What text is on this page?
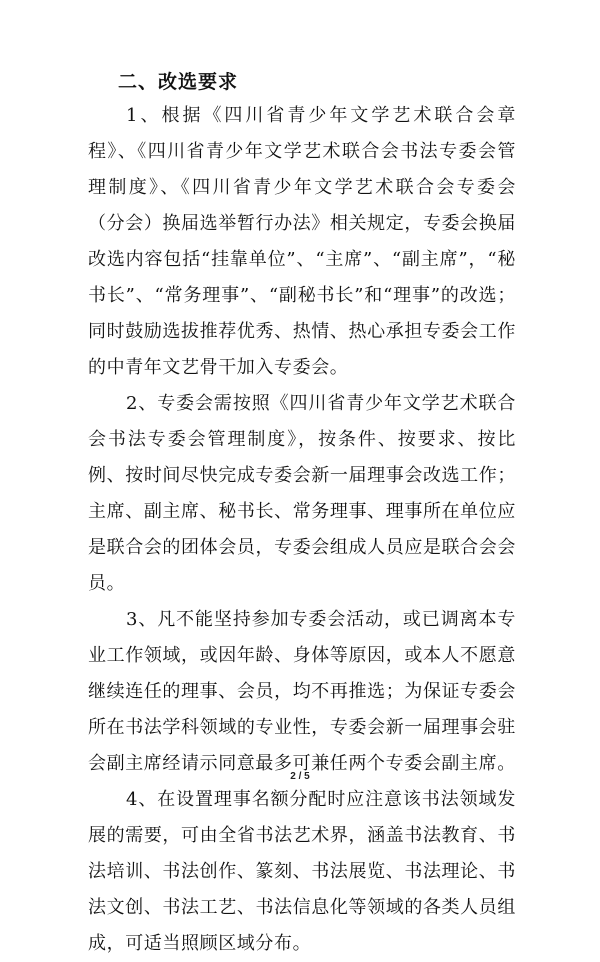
二、改选要求

1、根据《四川省青少年文学艺术联合会章程》、《四川省青少年文学艺术联合会书法专委会管理制度》、《四川省青少年文学艺术联合会专委会（分会）换届选举暂行办法》相关规定，专委会换届改选内容包括“挂靠单位”、“主席”、“副主席”，“秘书长”、“常务理事”、“副秘书长”和“理事”的改选；同时鼓励选拔推荐优秀、热情、热心承担专委会工作的中青年文艺骨干加入专委会。

2、专委会需按照《四川省青少年文学艺术联合会书法专委会管理制度》，按条件、按要求、按比例、按时间尽快完成专委会新一届理事会改选工作；主席、副主席、秘书长、常务理事、理事所在单位应是联合会的团体会员，专委会组成人员应是联合会会员。

3、凡不能坚持参加专委会活动，或已调离本专业工作领域，或因年龄、身体等原因，或本人不愿意继续连任的理事、会员，均不再推选；为保证专委会所在书法学科领域的专业性，专委会新一届理事会驻会副主席经请示同意最多可兼任两个专委会副主席。

4、在设置理事名额分配时应注意该书法领域发展的需要，可由全省书法艺术界，涵盖书法教育、书法培训、书法创作、篆刻、书法展览、书法理论、书法文创、书法工艺、书法信息化等领域的各类人员组成，可适当照顾区域分布。

2 / 5
